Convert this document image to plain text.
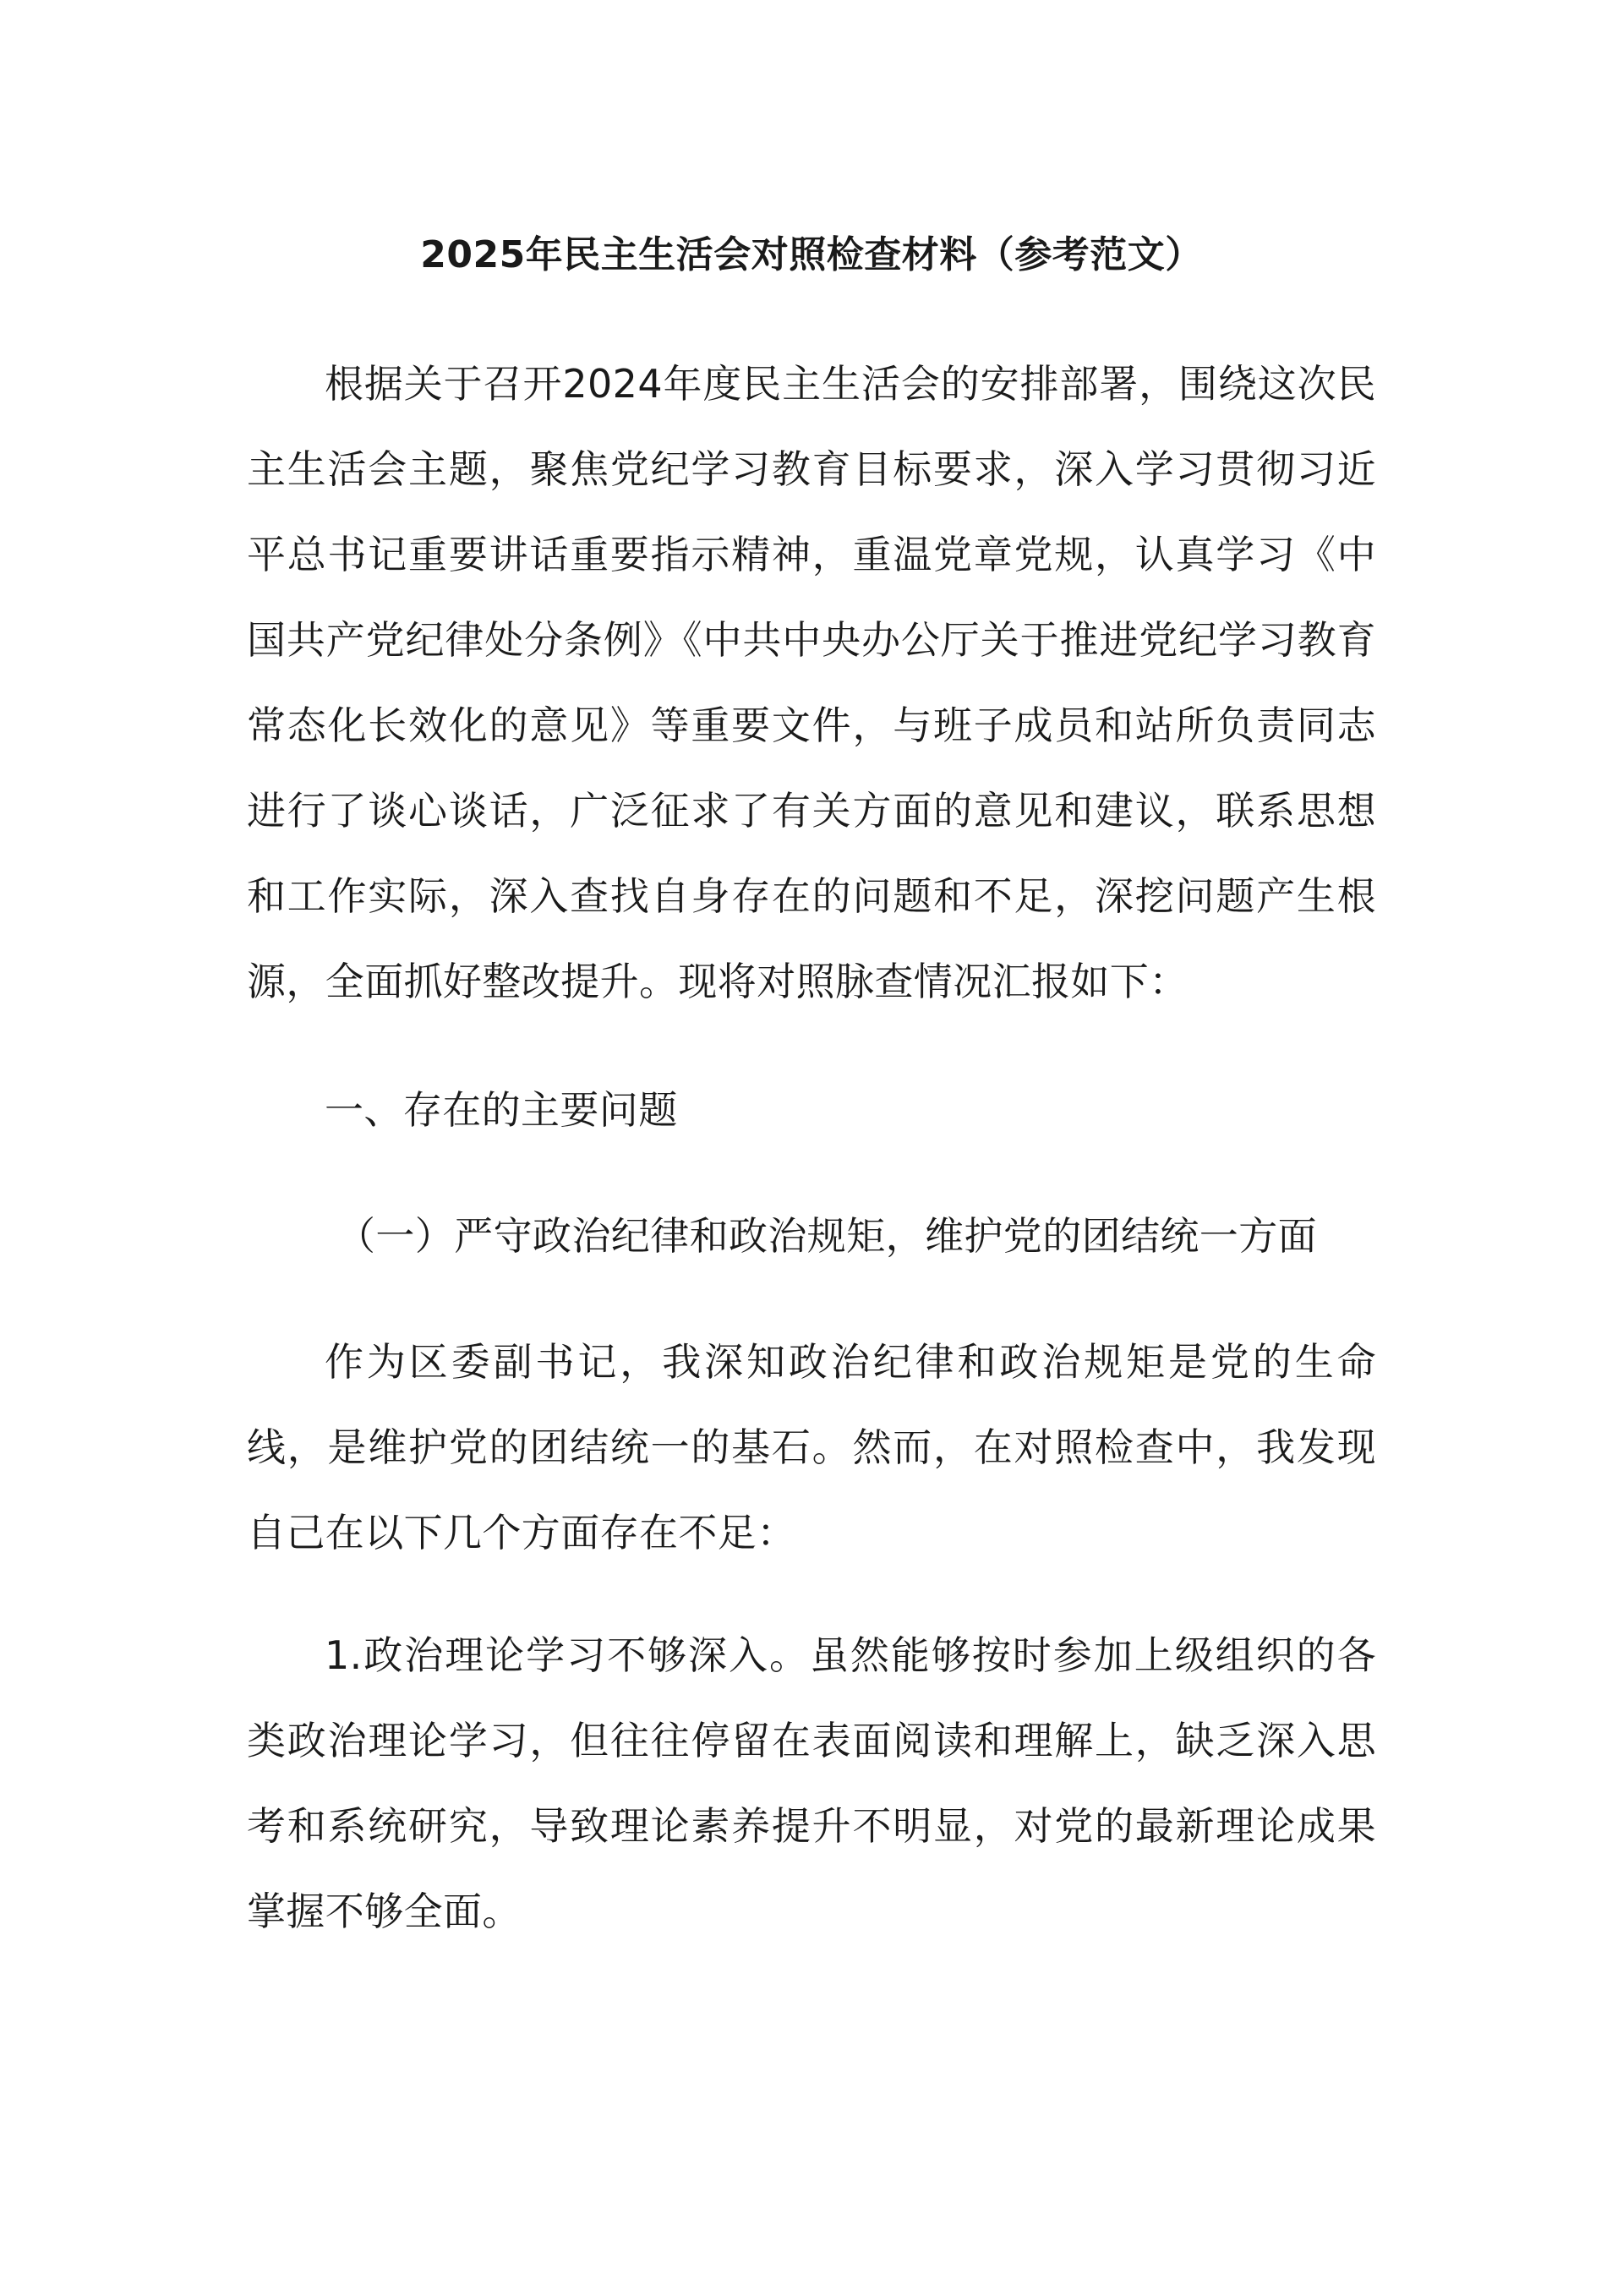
2025年民主生活会对照检查材料（参考范文）

根据关于召开2024年度民主生活会的安排部署，围绕这次民主生活会主题，聚焦党纪学习教育目标要求，深入学习贯彻习近平总书记重要讲话重要指示精神，重温党章党规，认真学习《中国共产党纪律处分条例》《中共中央办公厅关于推进党纪学习教育常态化长效化的意见》等重要文件，与班子成员和站所负责同志进行了谈心谈话，广泛征求了有关方面的意见和建议，联系思想和工作实际，深入查找自身存在的问题和不足，深挖问题产生根源，全面抓好整改提升。现将对照脉查情况汇报如下：

一、存在的主要问题

（一）严守政治纪律和政治规矩，维护党的团结统一方面

作为区委副书记，我深知政治纪律和政治规矩是党的生命线，是维护党的团结统一的基石。然而，在对照检查中，我发现自己在以下几个方面存在不足：

1.政治理论学习不够深入。虽然能够按时参加上级组织的各类政治理论学习，但往往停留在表面阅读和理解上，缺乏深入思考和系统研究，导致理论素养提升不明显，对党的最新理论成果掌握不够全面。
